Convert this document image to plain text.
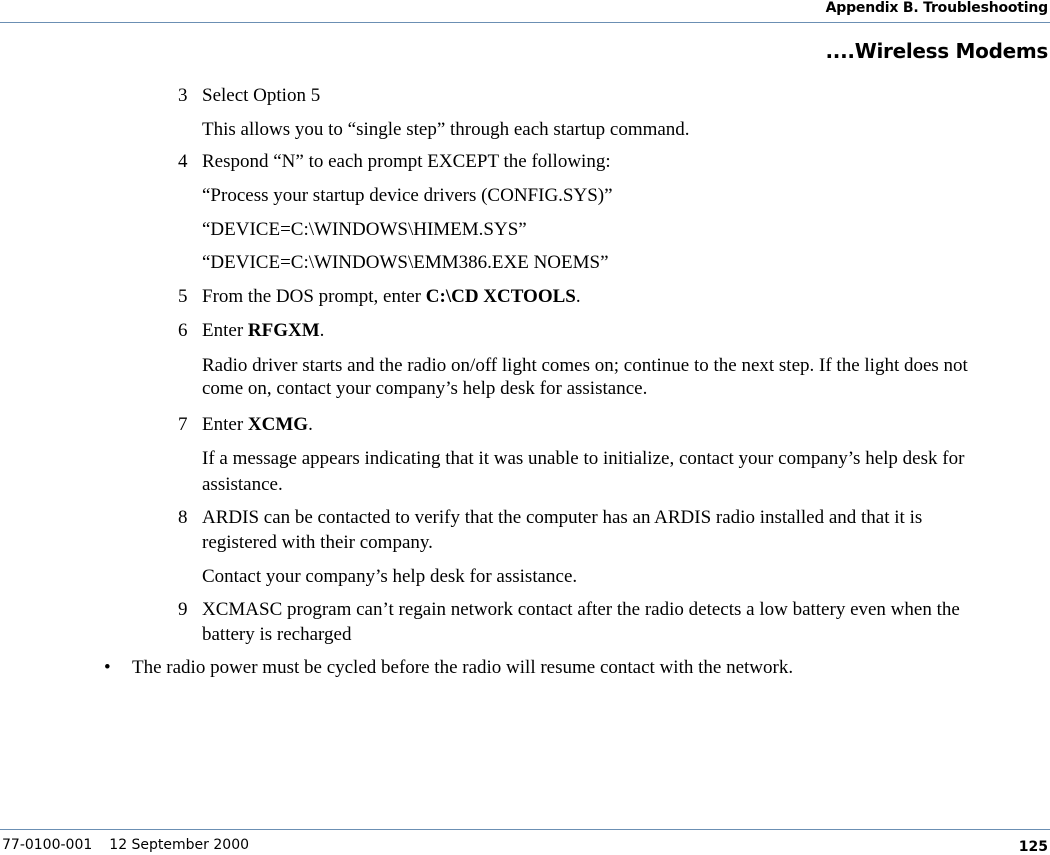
Appendix B. Troubleshooting
....Wireless Modems
3 Select Option 5
This allows you to “single step” through each startup command.
4 Respond “N” to each prompt EXCEPT the following:
“Process your startup device drivers (CONFIG.SYS)”
“DEVICE=C:\WINDOWS\HIMEM.SYS”
“DEVICE=C:\WINDOWS\EMM386.EXE NOEMS”
5 From the DOS prompt, enter C:\CD XCTOOLS.
6 Enter RFGXM.
Radio driver starts and the radio on/off light comes on; continue to the next step. If the light does not
come on, contact your company’s help desk for assistance.
7 Enter XCMG.
If a message appears indicating that it was unable to initialize, contact your company’s help desk for
assistance.
8 ARDIS can be contacted to verify that the computer has an ARDIS radio installed and that it is
registered with their company.
Contact your company’s help desk for assistance.
9 XCMASC program can’t regain network contact after the radio detects a low battery even when the
battery is recharged
• The radio power must be cycled before the radio will resume contact with the network.
77-0100-001 12 September 2000	125
